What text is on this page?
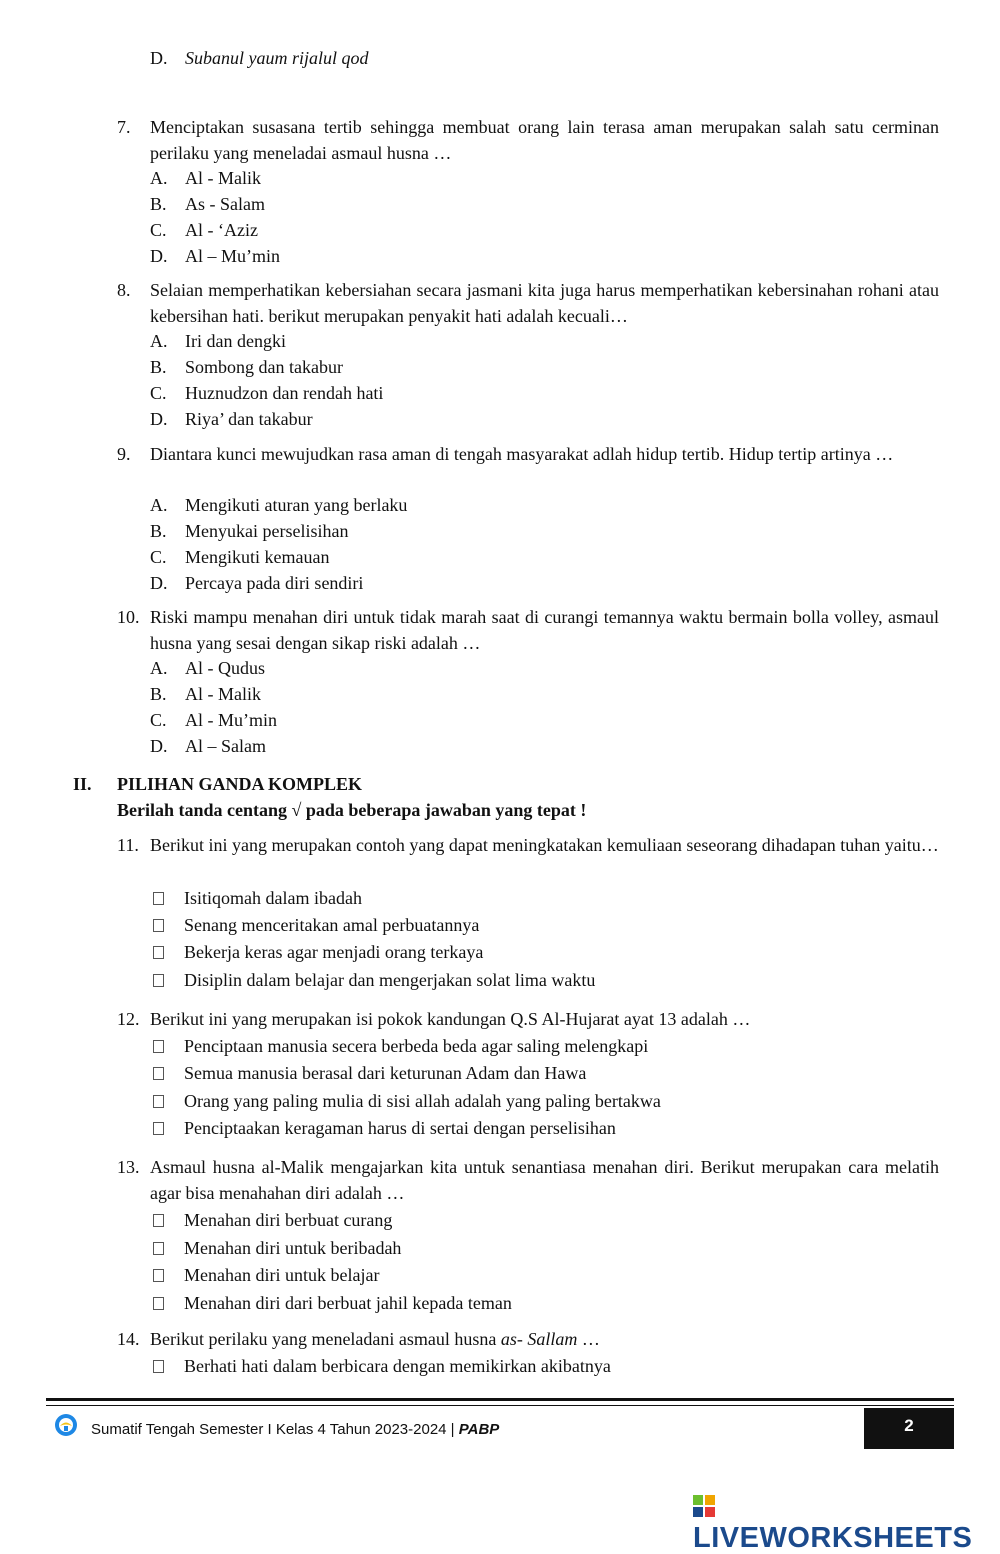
D. Subanul yaum rijalul qod
7. Menciptakan susasana tertib sehingga membuat orang lain terasa aman merupakan salah satu cerminan perilaku yang meneladai asmaul husna …
A. Al - Malik
B. As - Salam
C. Al - ‘Aziz
D. Al – Mu’min
8. Selaian memperhatikan kebersiahan secara jasmani kita juga harus memperhatikan kebersinahan rohani atau kebersihan hati. berikut merupakan penyakit hati adalah kecuali…
A. Iri dan dengki
B. Sombong dan takabur
C. Huznudzon dan rendah hati
D. Riya’ dan takabur
9. Diantara kunci mewujudkan rasa aman di tengah masyarakat adlah hidup tertib. Hidup tertip artinya …
A. Mengikuti aturan yang berlaku
B. Menyukai perselisihan
C. Mengikuti kemauan
D. Percaya pada diri sendiri
10. Riski mampu menahan diri untuk tidak marah saat di curangi temannya waktu bermain bolla volley, asmaul husna yang sesai dengan sikap riski adalah …
A. Al - Qudus
B. Al - Malik
C. Al - Mu’min
D. Al – Salam
II. PILIHAN GANDA KOMPLEK
Berilah tanda centang √ pada beberapa jawaban yang tepat !
11. Berikut ini yang merupakan contoh yang dapat meningkatakan kemuliaan seseorang dihadapan tuhan yaitu…
Isitiqomah dalam ibadah
Senang menceritakan amal perbuatannya
Bekerja keras agar menjadi orang terkaya
Disiplin dalam belajar dan mengerjakan solat lima waktu
12. Berikut ini yang merupakan isi pokok kandungan Q.S Al-Hujarat ayat 13 adalah …
Penciptaan manusia secera berbeda beda agar saling melengkapi
Semua manusia berasal dari keturunan Adam dan Hawa
Orang yang paling mulia di sisi allah adalah yang paling bertakwa
Penciptaakan keragaman harus di sertai dengan perselisihan
13. Asmaul husna al-Malik mengajarkan kita untuk senantiasa menahan diri. Berikut merupakan cara melatih agar bisa menahahan diri adalah …
Menahan diri berbuat curang
Menahan diri untuk beribadah
Menahan diri untuk belajar
Menahan diri dari berbuat jahil kepada teman
14. Berikut perilaku yang meneladani asmaul husna as- Sallam …
Berhati hati dalam berbicara dengan memikirkan akibatnya
Sumatif Tengah Semester I Kelas 4 Tahun 2023-2024 | PABP	2
LIVEWORKSHEETS
